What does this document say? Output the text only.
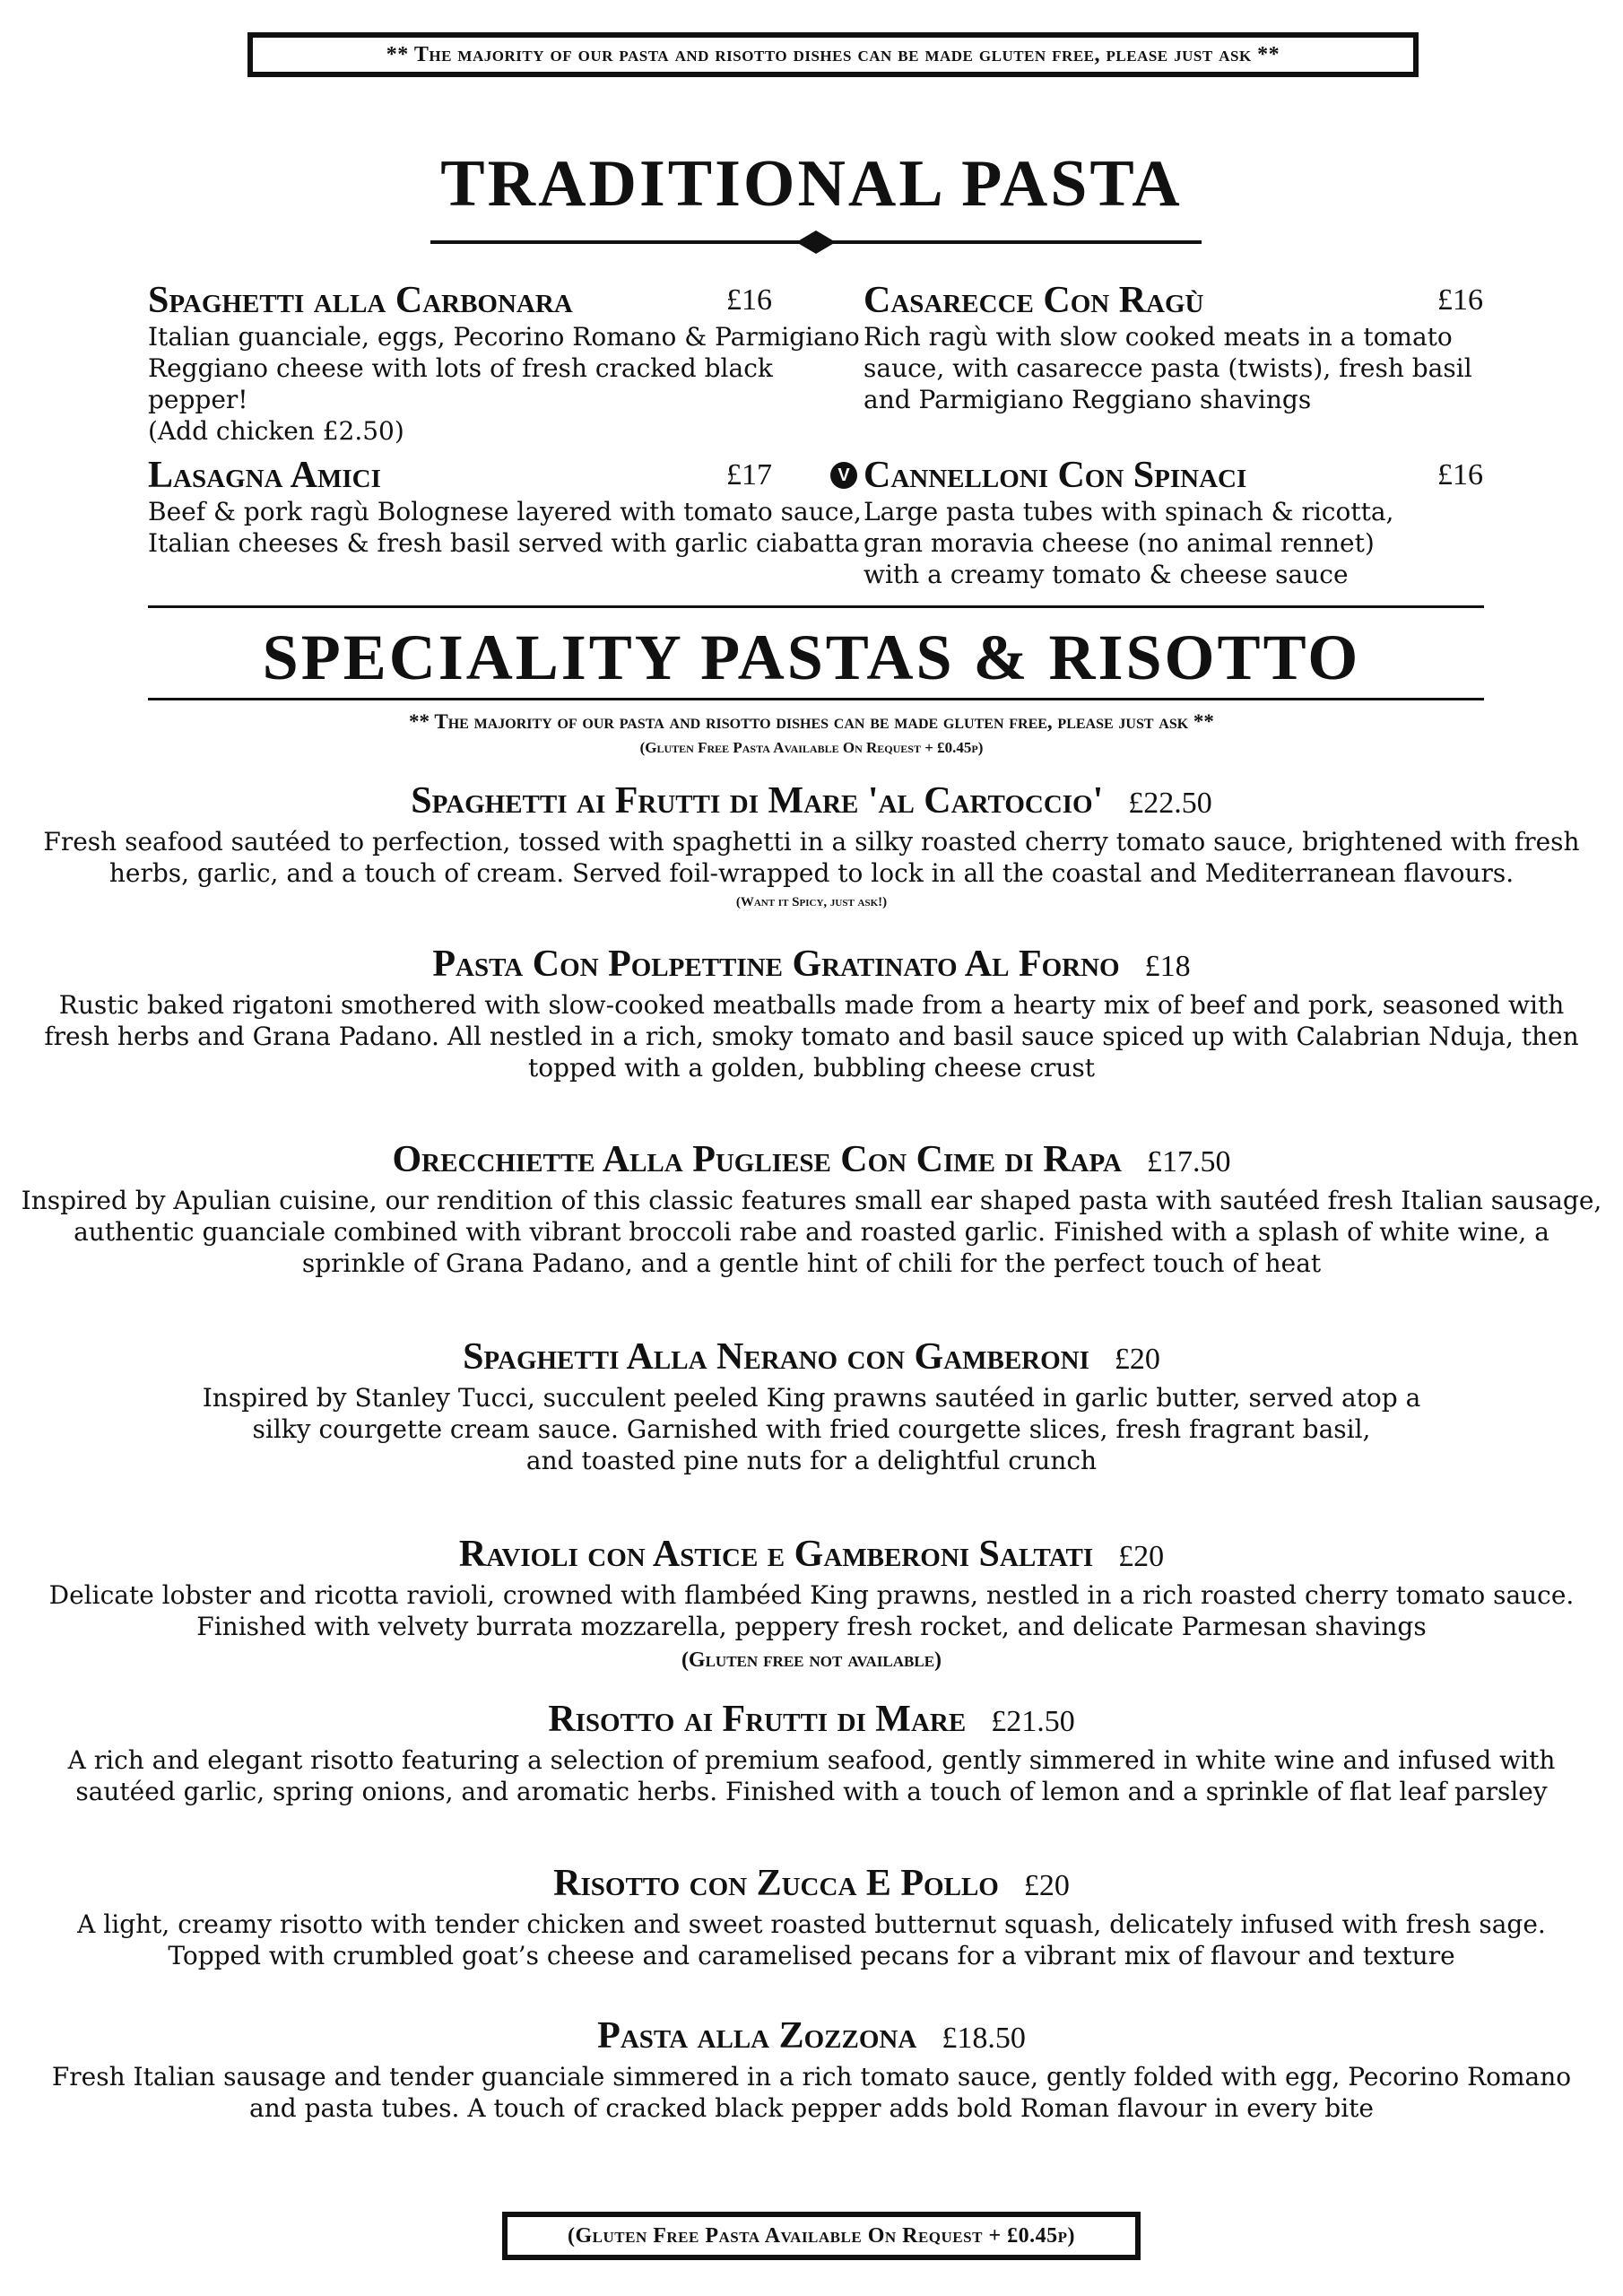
** The majority of our pasta and risotto dishes can be made gluten free, please just ask **
TRADITIONAL PASTA
Spaghetti alla Carbonara	£16
Italian guanciale, eggs, Pecorino Romano & Parmigiano
Reggiano cheese with lots of fresh cracked black pepper!
(Add chicken £2.50)
Casarecce Con Ragù	£16
Rich ragù with slow cooked meats in a tomato
sauce, with casarecce pasta (twists), fresh basil
and Parmigiano Reggiano shavings
Lasagna Amici	£17
Beef & pork ragù Bolognese layered with tomato sauce,
Italian cheeses & fresh basil served with garlic ciabatta
V Cannelloni Con Spinaci	£16
Large pasta tubes with spinach & ricotta,
gran moravia cheese (no animal rennet)
with a creamy tomato & cheese sauce
SPECIALITY PASTAS & RISOTTO
** The majority of our pasta and risotto dishes can be made gluten free, please just ask **
(Gluten Free Pasta Available On Request + £0.45p)
Spaghetti ai Frutti di Mare 'al Cartoccio' £22.50
Fresh seafood sautéed to perfection, tossed with spaghetti in a silky roasted cherry tomato sauce, brightened with fresh
herbs, garlic, and a touch of cream. Served foil-wrapped to lock in all the coastal and Mediterranean flavours.
(Want it Spicy, just ask!)
Pasta Con Polpettine Gratinato Al Forno £18
Rustic baked rigatoni smothered with slow-cooked meatballs made from a hearty mix of beef and pork, seasoned with
fresh herbs and Grana Padano. All nestled in a rich, smoky tomato and basil sauce spiced up with Calabrian Nduja, then
topped with a golden, bubbling cheese crust
Orecchiette Alla Pugliese Con Cime di Rapa £17.50
Inspired by Apulian cuisine, our rendition of this classic features small ear shaped pasta with sautéed fresh Italian sausage,
authentic guanciale combined with vibrant broccoli rabe and roasted garlic. Finished with a splash of white wine, a
sprinkle of Grana Padano, and a gentle hint of chili for the perfect touch of heat
Spaghetti Alla Nerano con Gamberoni £20
Inspired by Stanley Tucci, succulent peeled King prawns sautéed in garlic butter, served atop a
silky courgette cream sauce. Garnished with fried courgette slices, fresh fragrant basil,
and toasted pine nuts for a delightful crunch
Ravioli con Astice e Gamberoni Saltati £20
Delicate lobster and ricotta ravioli, crowned with flambéed King prawns, nestled in a rich roasted cherry tomato sauce.
Finished with velvety burrata mozzarella, peppery fresh rocket, and delicate Parmesan shavings
(Gluten free not available)
Risotto ai Frutti di Mare £21.50
A rich and elegant risotto featuring a selection of premium seafood, gently simmered in white wine and infused with
sautéed garlic, spring onions, and aromatic herbs. Finished with a touch of lemon and a sprinkle of flat leaf parsley
Risotto con Zucca E Pollo £20
A light, creamy risotto with tender chicken and sweet roasted butternut squash, delicately infused with fresh sage.
Topped with crumbled goat’s cheese and caramelised pecans for a vibrant mix of flavour and texture
Pasta alla Zozzona £18.50
Fresh Italian sausage and tender guanciale simmered in a rich tomato sauce, gently folded with egg, Pecorino Romano
and pasta tubes. A touch of cracked black pepper adds bold Roman flavour in every bite
(Gluten Free Pasta Available On Request + £0.45p)
